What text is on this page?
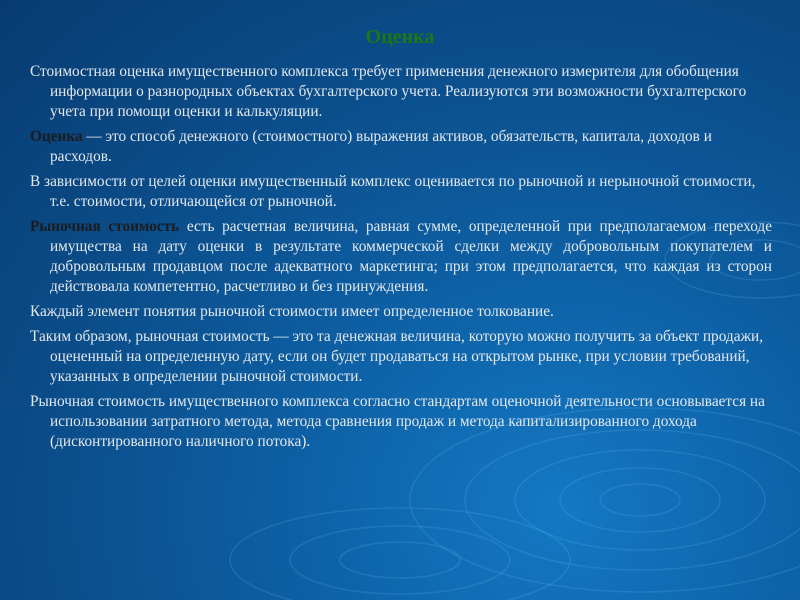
Оценка

Стоимостная оценка имущественного комплекса требует применения денежного измерителя для обобщения информации о разнородных объектах бухгалтерского учета. Реализуются эти возможности бухгалтерского учета при помощи оценки и калькуляции.

Оценка — это способ денежного (стоимостного) выражения активов, обязательств, капитала, доходов и расходов.

В зависимости от целей оценки имущественный комплекс оценивается по рыночной и нерыночной стоимости, т.е. стоимости, отличающейся от рыночной.

Рыночная стоимость есть расчетная величина, равная сумме, определенной при предполагаемом переходе имущества на дату оценки в результате коммерческой сделки между добровольным покупателем и добровольным продавцом после адекватного маркетинга; при этом предполагается, что каждая из сторон действовала компетентно, расчетливо и без принуждения.

Каждый элемент понятия рыночной стоимости имеет определенное толкование.

Таким образом, рыночная стоимость — это та денежная величина, которую можно получить за объект продажи, оцененный на определенную дату, если он будет продаваться на открытом рынке, при условии требований, указанных в определении рыночной стоимости.

Рыночная стоимость имущественного комплекса согласно стандартам оценочной деятельности основывается на использовании затратного метода, метода сравнения продаж и метода капитализированного дохода (дисконтированного наличного потока).
